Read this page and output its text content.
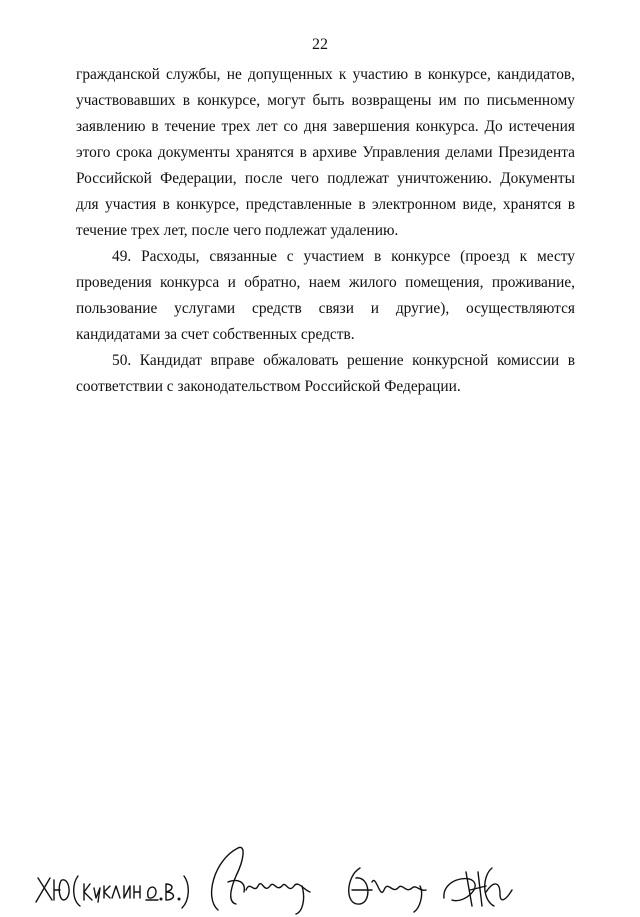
22

гражданской службы, не допущенных к участию в конкурсе, кандидатов, участвовавших в конкурсе, могут быть возвращены им по письменному заявлению в течение трех лет со дня завершения конкурса. До истечения этого срока документы хранятся в архиве Управления делами Президента Российской Федерации, после чего подлежат уничтожению. Документы для участия в конкурсе, представленные в электронном виде, хранятся в течение трех лет, после чего подлежат удалению.

49. Расходы, связанные с участием в конкурсе (проезд к месту проведения конкурса и обратно, наем жилого помещения, проживание, пользование услугами средств связи и другие), осуществляются кандидатами за счет собственных средств.

50. Кандидат вправе обжаловать решение конкурсной комиссии в соответствии с законодательством Российской Федерации.
